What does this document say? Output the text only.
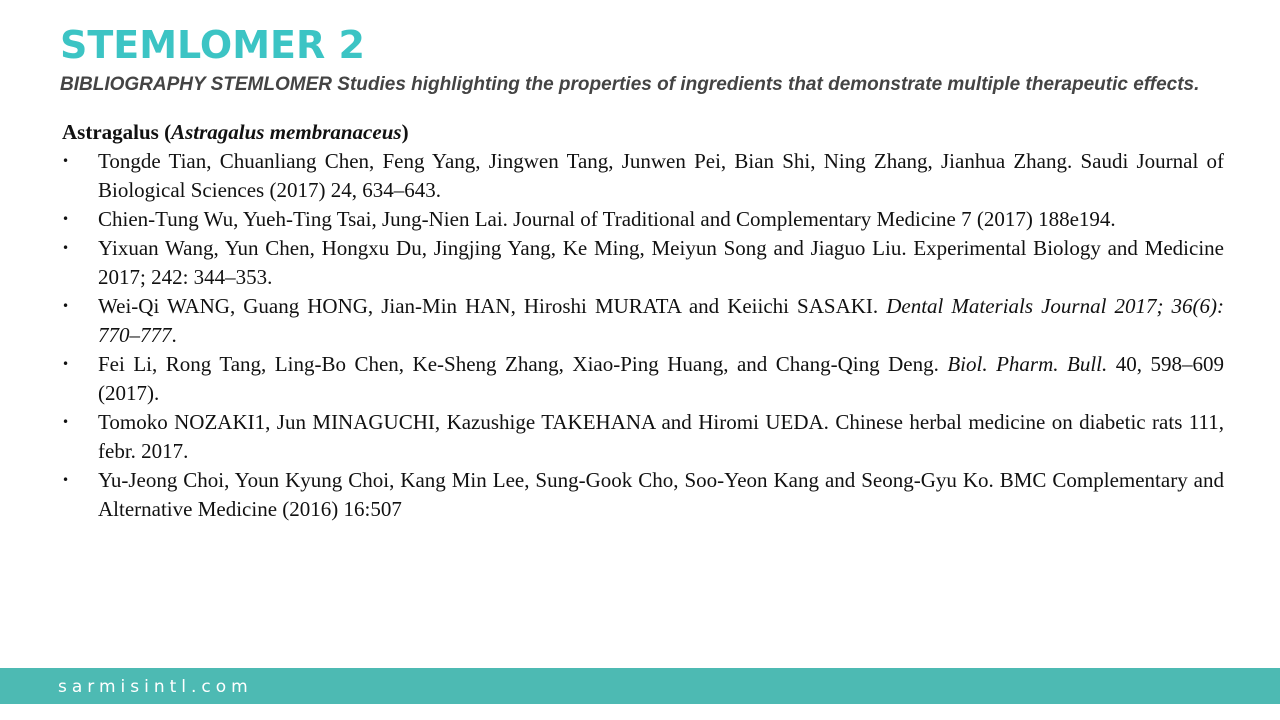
STEMLOMER 2

BIBLIOGRAPHY STEMLOMER Studies highlighting the properties of ingredients that demonstrate multiple therapeutic effects.

Astragalus (Astragalus membranaceus)

• Tongde Tian, Chuanliang Chen, Feng Yang, Jingwen Tang, Junwen Pei, Bian Shi, Ning Zhang, Jianhua Zhang. Saudi Journal of Biological Sciences (2017) 24, 634–643.
• Chien-Tung Wu, Yueh-Ting Tsai, Jung-Nien Lai. Journal of Traditional and Complementary Medicine 7 (2017) 188e194.
• Yixuan Wang, Yun Chen, Hongxu Du, Jingjing Yang, Ke Ming, Meiyun Song and Jiaguo Liu. Experimental Biology and Medicine 2017; 242: 344–353.
• Wei-Qi WANG, Guang HONG, Jian-Min HAN, Hiroshi MURATA and Keiichi SASAKI. Dental Materials Journal 2017; 36(6): 770–777.
• Fei Li, Rong Tang, Ling-Bo Chen, Ke-Sheng Zhang, Xiao-Ping Huang, and Chang-Qing Deng. Biol. Pharm. Bull. 40, 598–609 (2017).
• Tomoko NOZAKI1, Jun MINAGUCHI, Kazushige TAKEHANA and Hiromi UEDA. Chinese herbal medicine on diabetic rats 111, febr. 2017.
• Yu-Jeong Choi, Youn Kyung Choi, Kang Min Lee, Sung-Gook Cho, Soo-Yeon Kang and Seong-Gyu Ko. BMC Complementary and Alternative Medicine (2016) 16:507
sarmisintl.com
